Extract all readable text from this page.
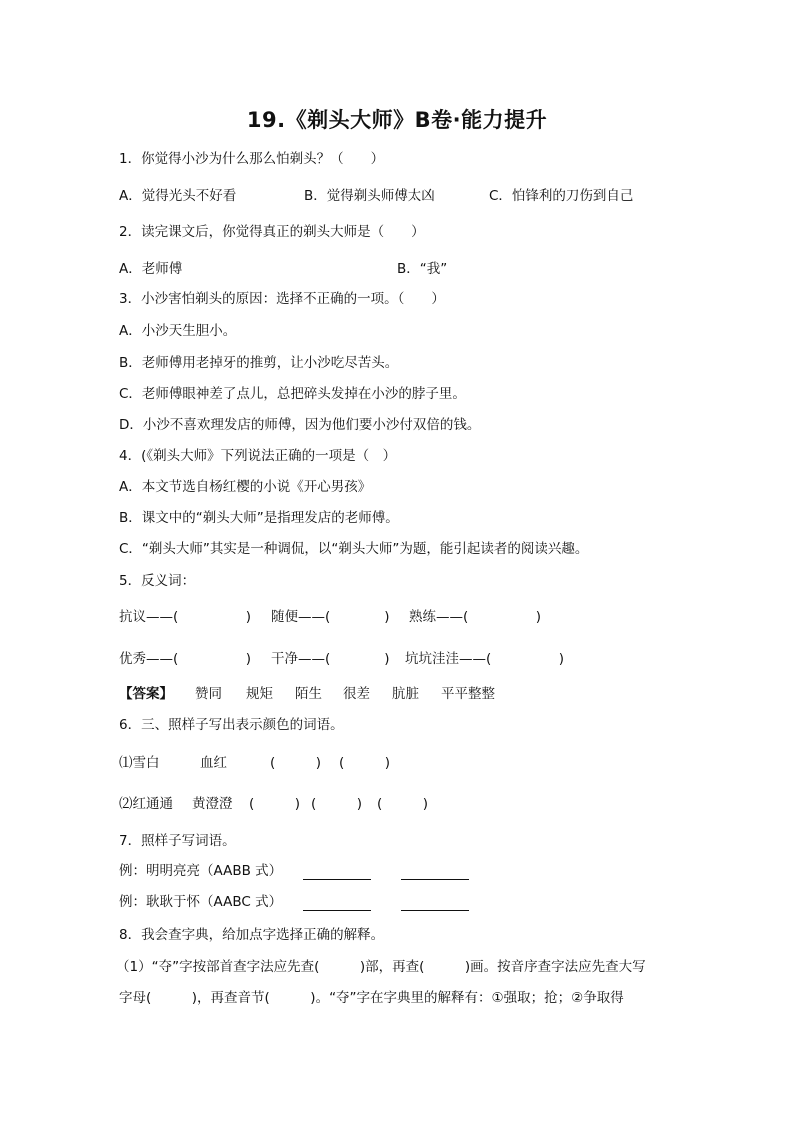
19.《剃头大师》B卷·能力提升
1．你觉得小沙为什么那么怕剃头？（　　）
A．觉得光头不好看	B．觉得剃头师傅太凶	C．怕锋利的刀伤到自己
2．读完课文后，你觉得真正的剃头大师是（　　）
A．老师傅	B．“我”
3．小沙害怕剃头的原因：选择不正确的一项。（　　）
A．小沙天生胆小。
B．老师傅用老掉牙的推剪，让小沙吃尽苦头。
C．老师傅眼神差了点儿，总把碎头发掉在小沙的脖子里。
D．小沙不喜欢理发店的师傅，因为他们要小沙付双倍的钱。
4．(《剃头大师》下列说法正确的一项是（　）
A．本文节选自杨红樱的小说《开心男孩》
B．课文中的“剃头大师”是指理发店的老师傅。
C．“剃头大师”其实是一种调侃，以“剃头大师”为题，能引起读者的阅读兴趣。
5．反义词：
抗议——(　　　　　) 随便——(　　　　) 熟练——(　　　　　)
优秀——(　　　　　) 干净——(　　　　) 坑坑洼洼——(　　　　　)
【答案】 赞同 规矩 陌生 很差 肮脏 平平整整
6．三、照样子写出表示颜色的词语。
⑴雪白	血红	(　　　) (　　　)
⑵红通通 黄澄澄 (　　　) (　　　) (　　　)
7．照样子写词语。
例：明明亮亮（AABB 式）
例：耿耿于怀（AABC 式）
8．我会查字典，给加点字选择正确的解释。
（1）“夺”字按部首查字法应先查(　　　)部，再查(　　　)画。按音序查字法应先查大写
字母(　　　)，再查音节(　　　)。“夺”字在字典里的解释有：①强取；抢；②争取得
